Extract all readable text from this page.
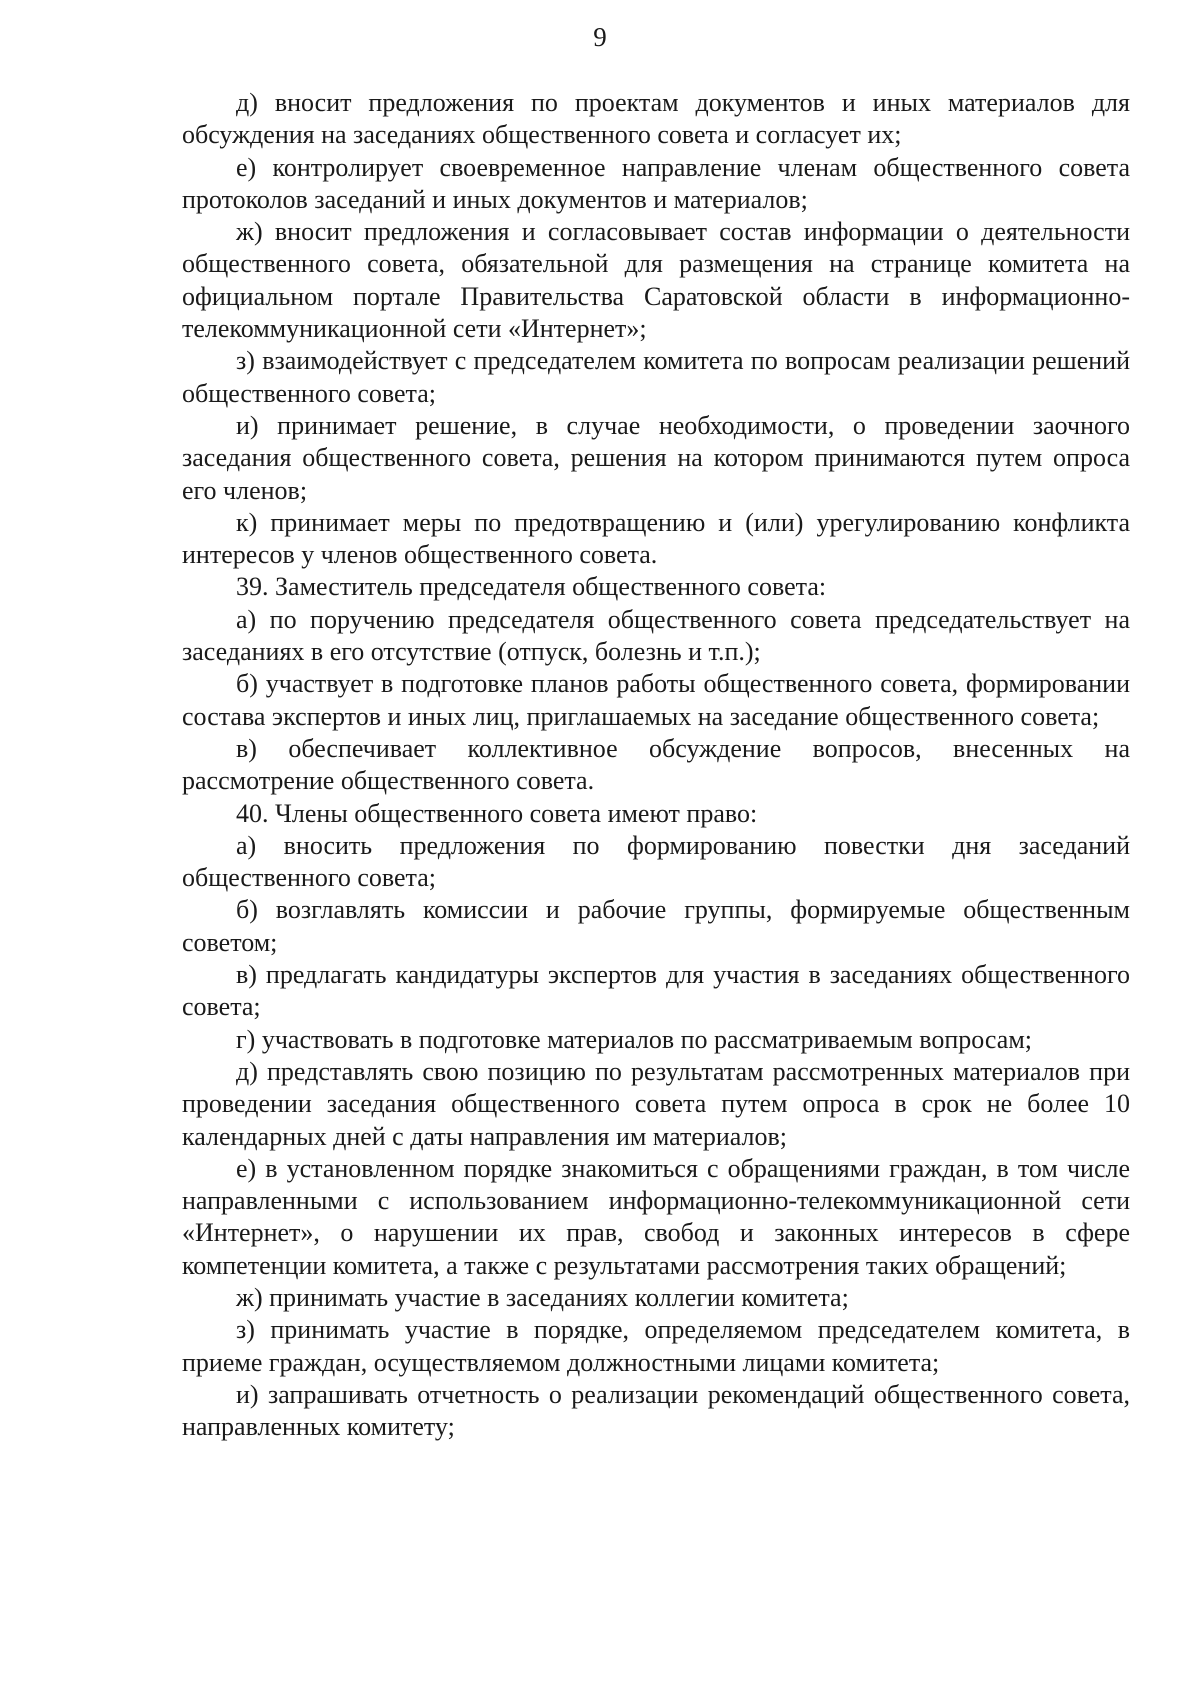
9

д) вносит предложения по проектам документов и иных материалов для обсуждения на заседаниях общественного совета и согласует их;

е) контролирует своевременное направление членам общественного совета протоколов заседаний и иных документов и материалов;

ж) вносит предложения и согласовывает состав информации о деятельности общественного совета, обязательной для размещения на странице комитета на официальном портале Правительства Саратовской области в информационно-телекоммуникационной сети «Интернет»;

з) взаимодействует с председателем комитета по вопросам реализации решений общественного совета;

и) принимает решение, в случае необходимости, о проведении заочного заседания общественного совета, решения на котором принимаются путем опроса его членов;

к) принимает меры по предотвращению и (или) урегулированию конфликта интересов у членов общественного совета.

39. Заместитель председателя общественного совета:

а) по поручению председателя общественного совета председательствует на заседаниях в его отсутствие (отпуск, болезнь и т.п.);

б) участвует в подготовке планов работы общественного совета, формировании состава экспертов и иных лиц, приглашаемых на заседание общественного совета;

в) обеспечивает коллективное обсуждение вопросов, внесенных на рассмотрение общественного совета.

40. Члены общественного совета имеют право:

а) вносить предложения по формированию повестки дня заседаний общественного совета;

б) возглавлять комиссии и рабочие группы, формируемые общественным советом;

в) предлагать кандидатуры экспертов для участия в заседаниях общественного совета;

г) участвовать в подготовке материалов по рассматриваемым вопросам;

д) представлять свою позицию по результатам рассмотренных материалов при проведении заседания общественного совета путем опроса в срок не более 10 календарных дней с даты направления им материалов;

е) в установленном порядке знакомиться с обращениями граждан, в том числе направленными с использованием информационно-телекоммуникационной сети «Интернет», о нарушении их прав, свобод и законных интересов в сфере компетенции комитета, а также с результатами рассмотрения таких обращений;

ж) принимать участие в заседаниях коллегии комитета;

з) принимать участие в порядке, определяемом председателем комитета, в приеме граждан, осуществляемом должностными лицами комитета;

и) запрашивать отчетность о реализации рекомендаций общественного совета, направленных комитету;
